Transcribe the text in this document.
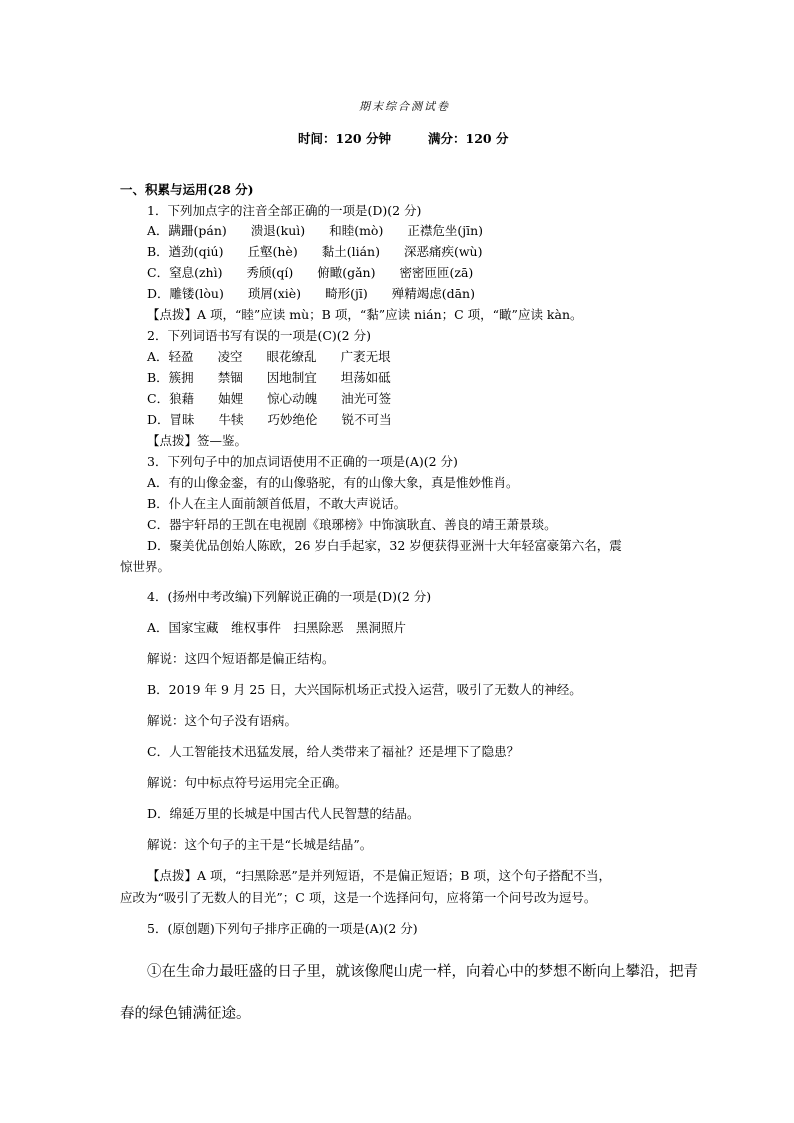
期末综合测试卷
时间：120 分钟	满分：120 分
一、积累与运用(28 分)
1．下列加点字的注音全部正确的一项是(D)(2 分)
A．蹒跚(pán) 溃退(kuì) 和睦(mò) 正襟危坐(jīn)
B．遒劲(qiú) 丘壑(hè) 黏土(lián) 深恶痛疾(wù)
C．窒息(zhì) 秀颀(qí) 俯瞰(gǎn) 密密匝匝(zā)
D．雕镂(lòu) 琐屑(xiè) 畸形(jī) 殚精竭虑(dān)
【点拨】A 项，“睦”应读 mù；B 项，“黏”应读 nián；C 项，“瞰”应读 kàn。
2．下列词语书写有误的一项是(C)(2 分)
A．轻盈 凌空 眼花缭乱 广袤无垠
B．簇拥 禁锢 因地制宜 坦荡如砥
C．狼藉 妯娌 惊心动魄 油光可签
D．冒昧 牛犊 巧妙绝伦 锐不可当
【点拨】签—鉴。
3．下列句子中的加点词语使用不正确的一项是(A)(2 分)
A．有的山像金銮，有的山像骆驼，有的山像大象，真是惟妙惟肖。
B．仆人在主人面前颔首低眉，不敢大声说话。
C．器宇轩昂的王凯在电视剧《琅琊榜》中饰演耿直、善良的靖王萧景琰。
D．聚美优品创始人陈欧，26 岁白手起家，32 岁便获得亚洲十大年轻富豪第六名，震
惊世界。
4．(扬州中考改编)下列解说正确的一项是(D)(2 分)
A．国家宝藏　维权事件　扫黑除恶　黑洞照片
解说：这四个短语都是偏正结构。
B．2019 年 9 月 25 日，大兴国际机场正式投入运营，吸引了无数人的神经。
解说：这个句子没有语病。
C．人工智能技术迅猛发展，给人类带来了福祉？还是埋下了隐患？
解说：句中标点符号运用完全正确。
D．绵延万里的长城是中国古代人民智慧的结晶。
解说：这个句子的主干是“长城是结晶”。
【点拨】A 项，“扫黑除恶”是并列短语，不是偏正短语；B 项，这个句子搭配不当，
应改为“吸引了无数人的目光”；C 项，这是一个选择问句，应将第一个问号改为逗号。
5．(原创题)下列句子排序正确的一项是(A)(2 分)
①在生命力最旺盛的日子里，就该像爬山虎一样，向着心中的梦想不断向上攀沿，把青
春的绿色铺满征途。
